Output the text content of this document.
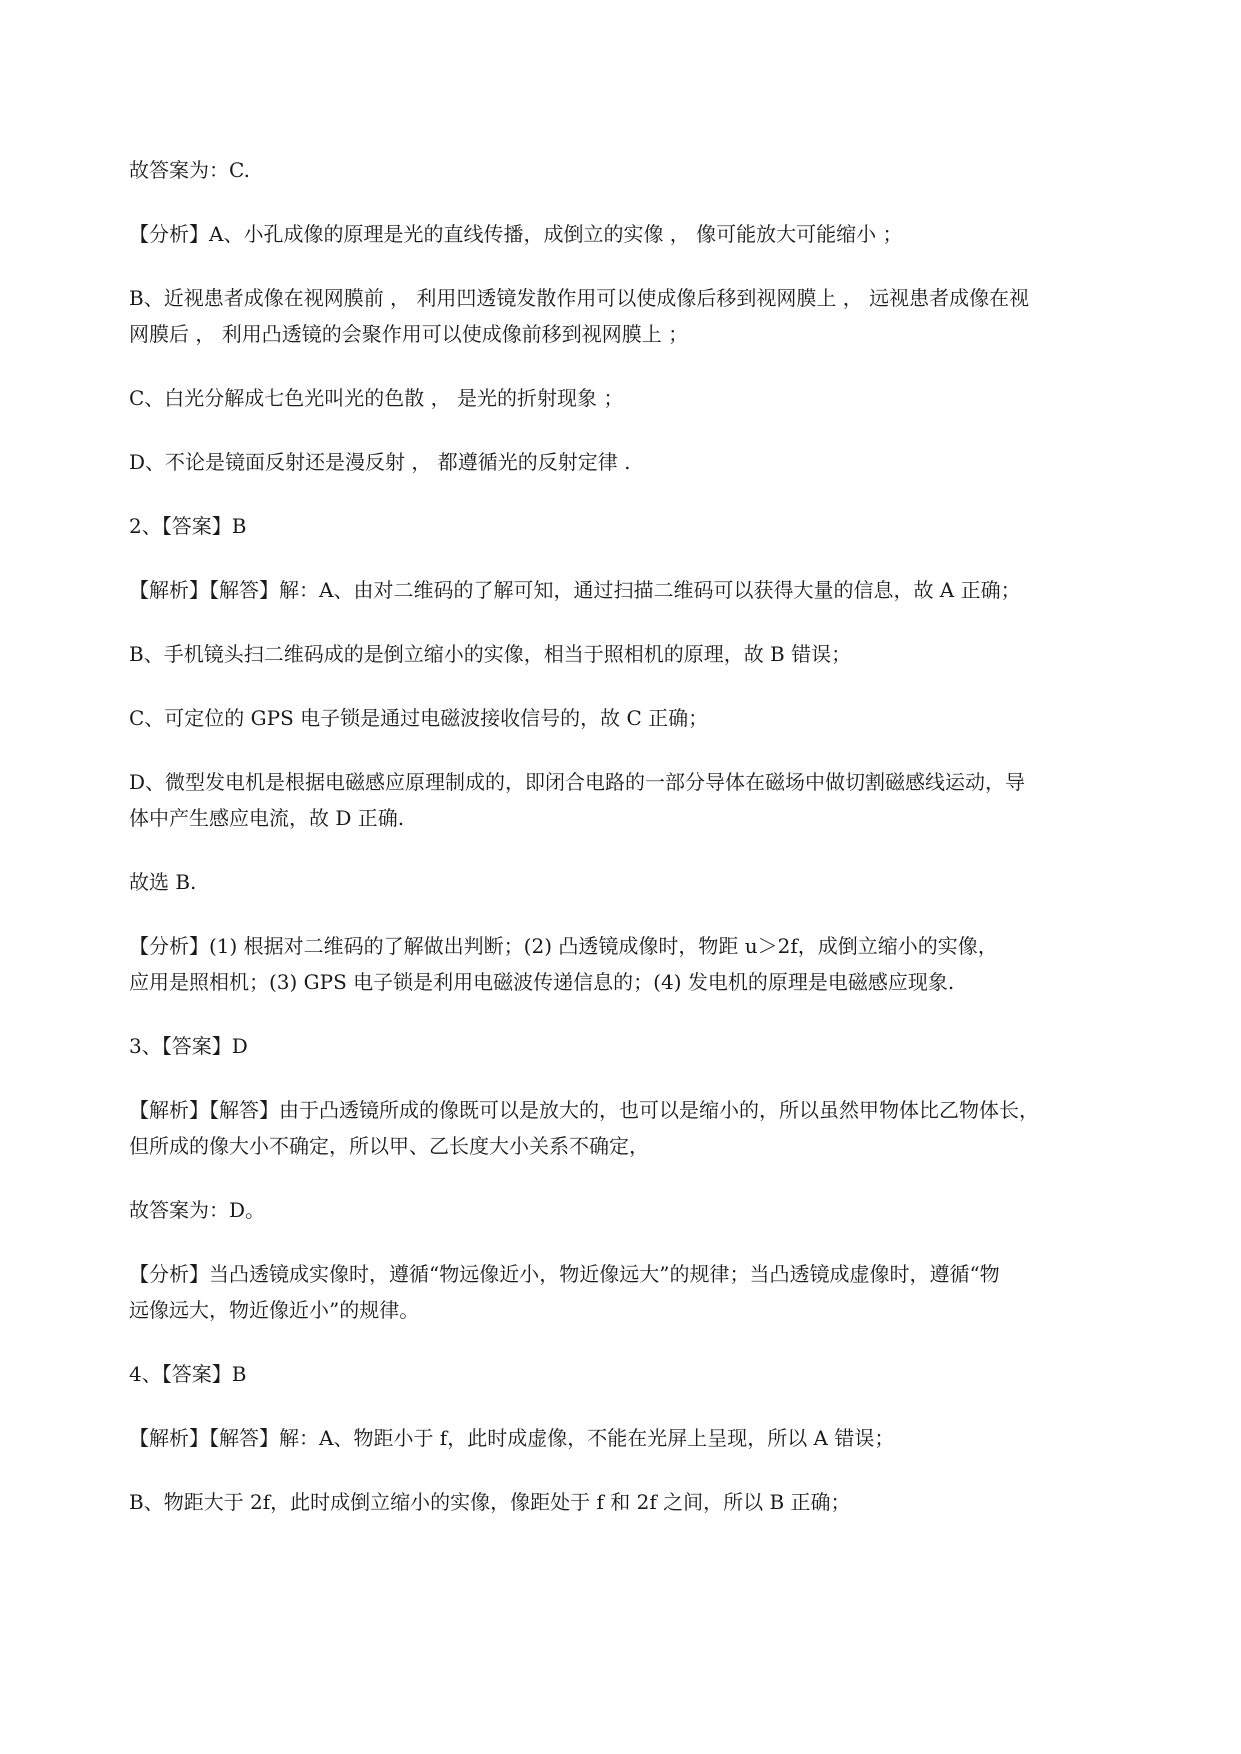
故答案为：C.

【分析】A、小孔成像的原理是光的直线传播，成倒立的实像 ， 像可能放大可能缩小 ；

B、近视患者成像在视网膜前 ， 利用凹透镜发散作用可以使成像后移到视网膜上 ， 远视患者成像在视

网膜后 ， 利用凸透镜的会聚作用可以使成像前移到视网膜上 ；

C、白光分解成七色光叫光的色散 ， 是光的折射现象 ；

D、不论是镜面反射还是漫反射 ， 都遵循光的反射定律 .

2、【答案】B

【解析】【解答】解：A、由对二维码的了解可知，通过扫描二维码可以获得大量的信息，故 A 正确；

B、手机镜头扫二维码成的是倒立缩小的实像，相当于照相机的原理，故 B 错误；

C、可定位的 GPS 电子锁是通过电磁波接收信号的，故 C 正确；

D、微型发电机是根据电磁感应原理制成的，即闭合电路的一部分导体在磁场中做切割磁感线运动，导

体中产生感应电流，故 D 正确.

故选 B.

【分析】(1) 根据对二维码的了解做出判断；(2) 凸透镜成像时，物距 u＞2f，成倒立缩小的实像，

应用是照相机；(3) GPS 电子锁是利用电磁波传递信息的；(4) 发电机的原理是电磁感应现象.

3、【答案】D

【解析】【解答】由于凸透镜所成的像既可以是放大的，也可以是缩小的，所以虽然甲物体比乙物体长，

但所成的像大小不确定，所以甲、乙长度大小关系不确定，

故答案为：D。

【分析】当凸透镜成实像时，遵循“物远像近小，物近像远大”的规律；当凸透镜成虚像时，遵循“物

远像远大，物近像近小”的规律。

4、【答案】B

【解析】【解答】解：A、物距小于 f，此时成虚像，不能在光屏上呈现，所以 A 错误；

B、物距大于 2f，此时成倒立缩小的实像，像距处于 f 和 2f 之间，所以 B 正确；
